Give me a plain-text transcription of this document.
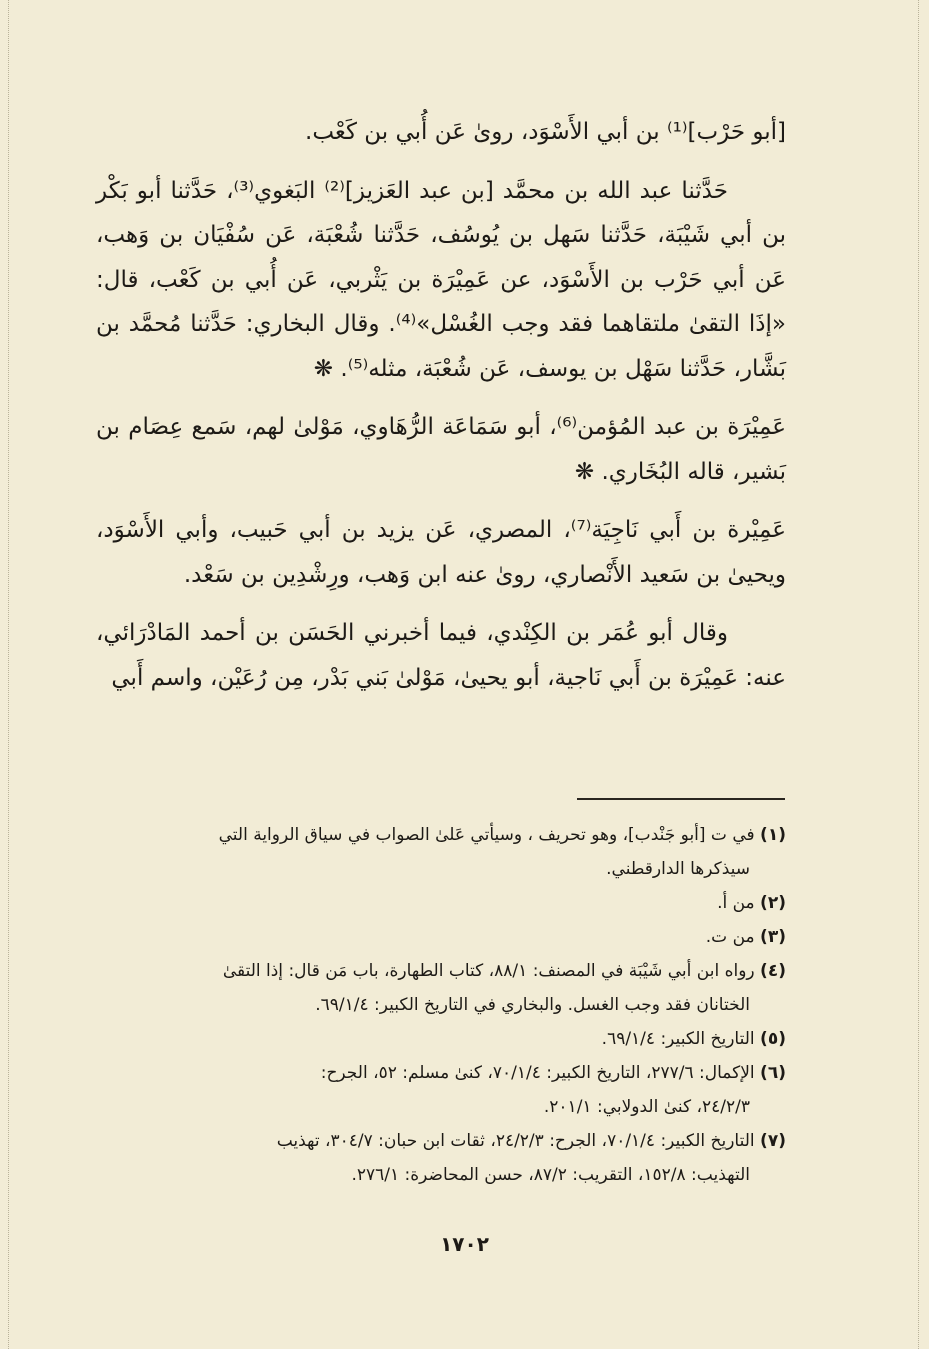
[أبو حَرْب]⁽¹⁾ بن أبي الأَسْوَد، روىٰ عَن أُبي بن كَعْب.

حَدَّثنا عبد الله بن محمَّد [بن عبد العَزيز]⁽²⁾ البَغوي⁽³⁾، حَدَّثنا أبو بَكْر بن أبي شَيْبَة، حَدَّثنا سَهل بن يُوسُف، حَدَّثنا شُعْبَة، عَن سُفْيَان بن وَهب، عَن أبي حَرْب بن الأَسْوَد، عن عَمِيْرَة بن يَثْربي، عَن أُبي بن كَعْب، قال: «إذَا التقىٰ ملتقاهما فقد وجب الغُسْل»⁽⁴⁾. وقال البخاري: حَدَّثنا مُحمَّد بن بَشَّار، حَدَّثنا سَهْل بن يوسف، عَن شُعْبَة، مثله⁽⁵⁾. ❋

عَمِيْرَة بن عبد المُؤمن⁽⁶⁾، أبو سَمَاعَة الرُّهَاوي، مَوْلىٰ لهم، سَمع عِصَام بن بَشير، قاله البُخَاري. ❋

عَمِيْرة بن أَبي نَاجِيَة⁽⁷⁾، المصري، عَن يزيد بن أبي حَبيب، وأبي الأَسْوَد، ويحيىٰ بن سَعيد الأَنْصاري، روىٰ عنه ابن وَهب، ورِشْدِين بن سَعْد.

وقال أبو عُمَر بن الكِنْدي، فيما أخبرني الحَسَن بن أحمد المَادْرَائي، عنه: عَمِيْرَة بن أَبي نَاجية، أبو يحيىٰ، مَوْلىٰ بَني بَدْر، مِن رُعَيْن، واسم أَبي

(١) في ت [أبو جَنْدب]، وهو تحريف ، وسيأتي عَلىٰ الصواب في سياق الرواية التي
سيذكرها الدارقطني.

(٢) من أ.

(٣) من ت.

(٤) رواه ابن أبي شَيْبَة في المصنف: ٨٨/١، كتاب الطهارة، باب مَن قال: إذا التقىٰ
الختانان فقد وجب الغسل. والبخاري في التاريخ الكبير: ٦٩/١/٤.

(٥) التاريخ الكبير: ٦٩/١/٤.

(٦) الإكمال: ٢٧٧/٦، التاريخ الكبير: ٧٠/١/٤، كنىٰ مسلم: ٥٢، الجرح:
٢٤/٢/٣، كنىٰ الدولابي: ٢٠١/١.

(٧) التاريخ الكبير: ٧٠/١/٤، الجرح: ٢٤/٢/٣، ثقات ابن حبان: ٣٠٤/٧، تهذيب
التهذيب: ١٥٢/٨، التقريب: ٨٧/٢، حسن المحاضرة: ٢٧٦/١.

١٧٠٢
